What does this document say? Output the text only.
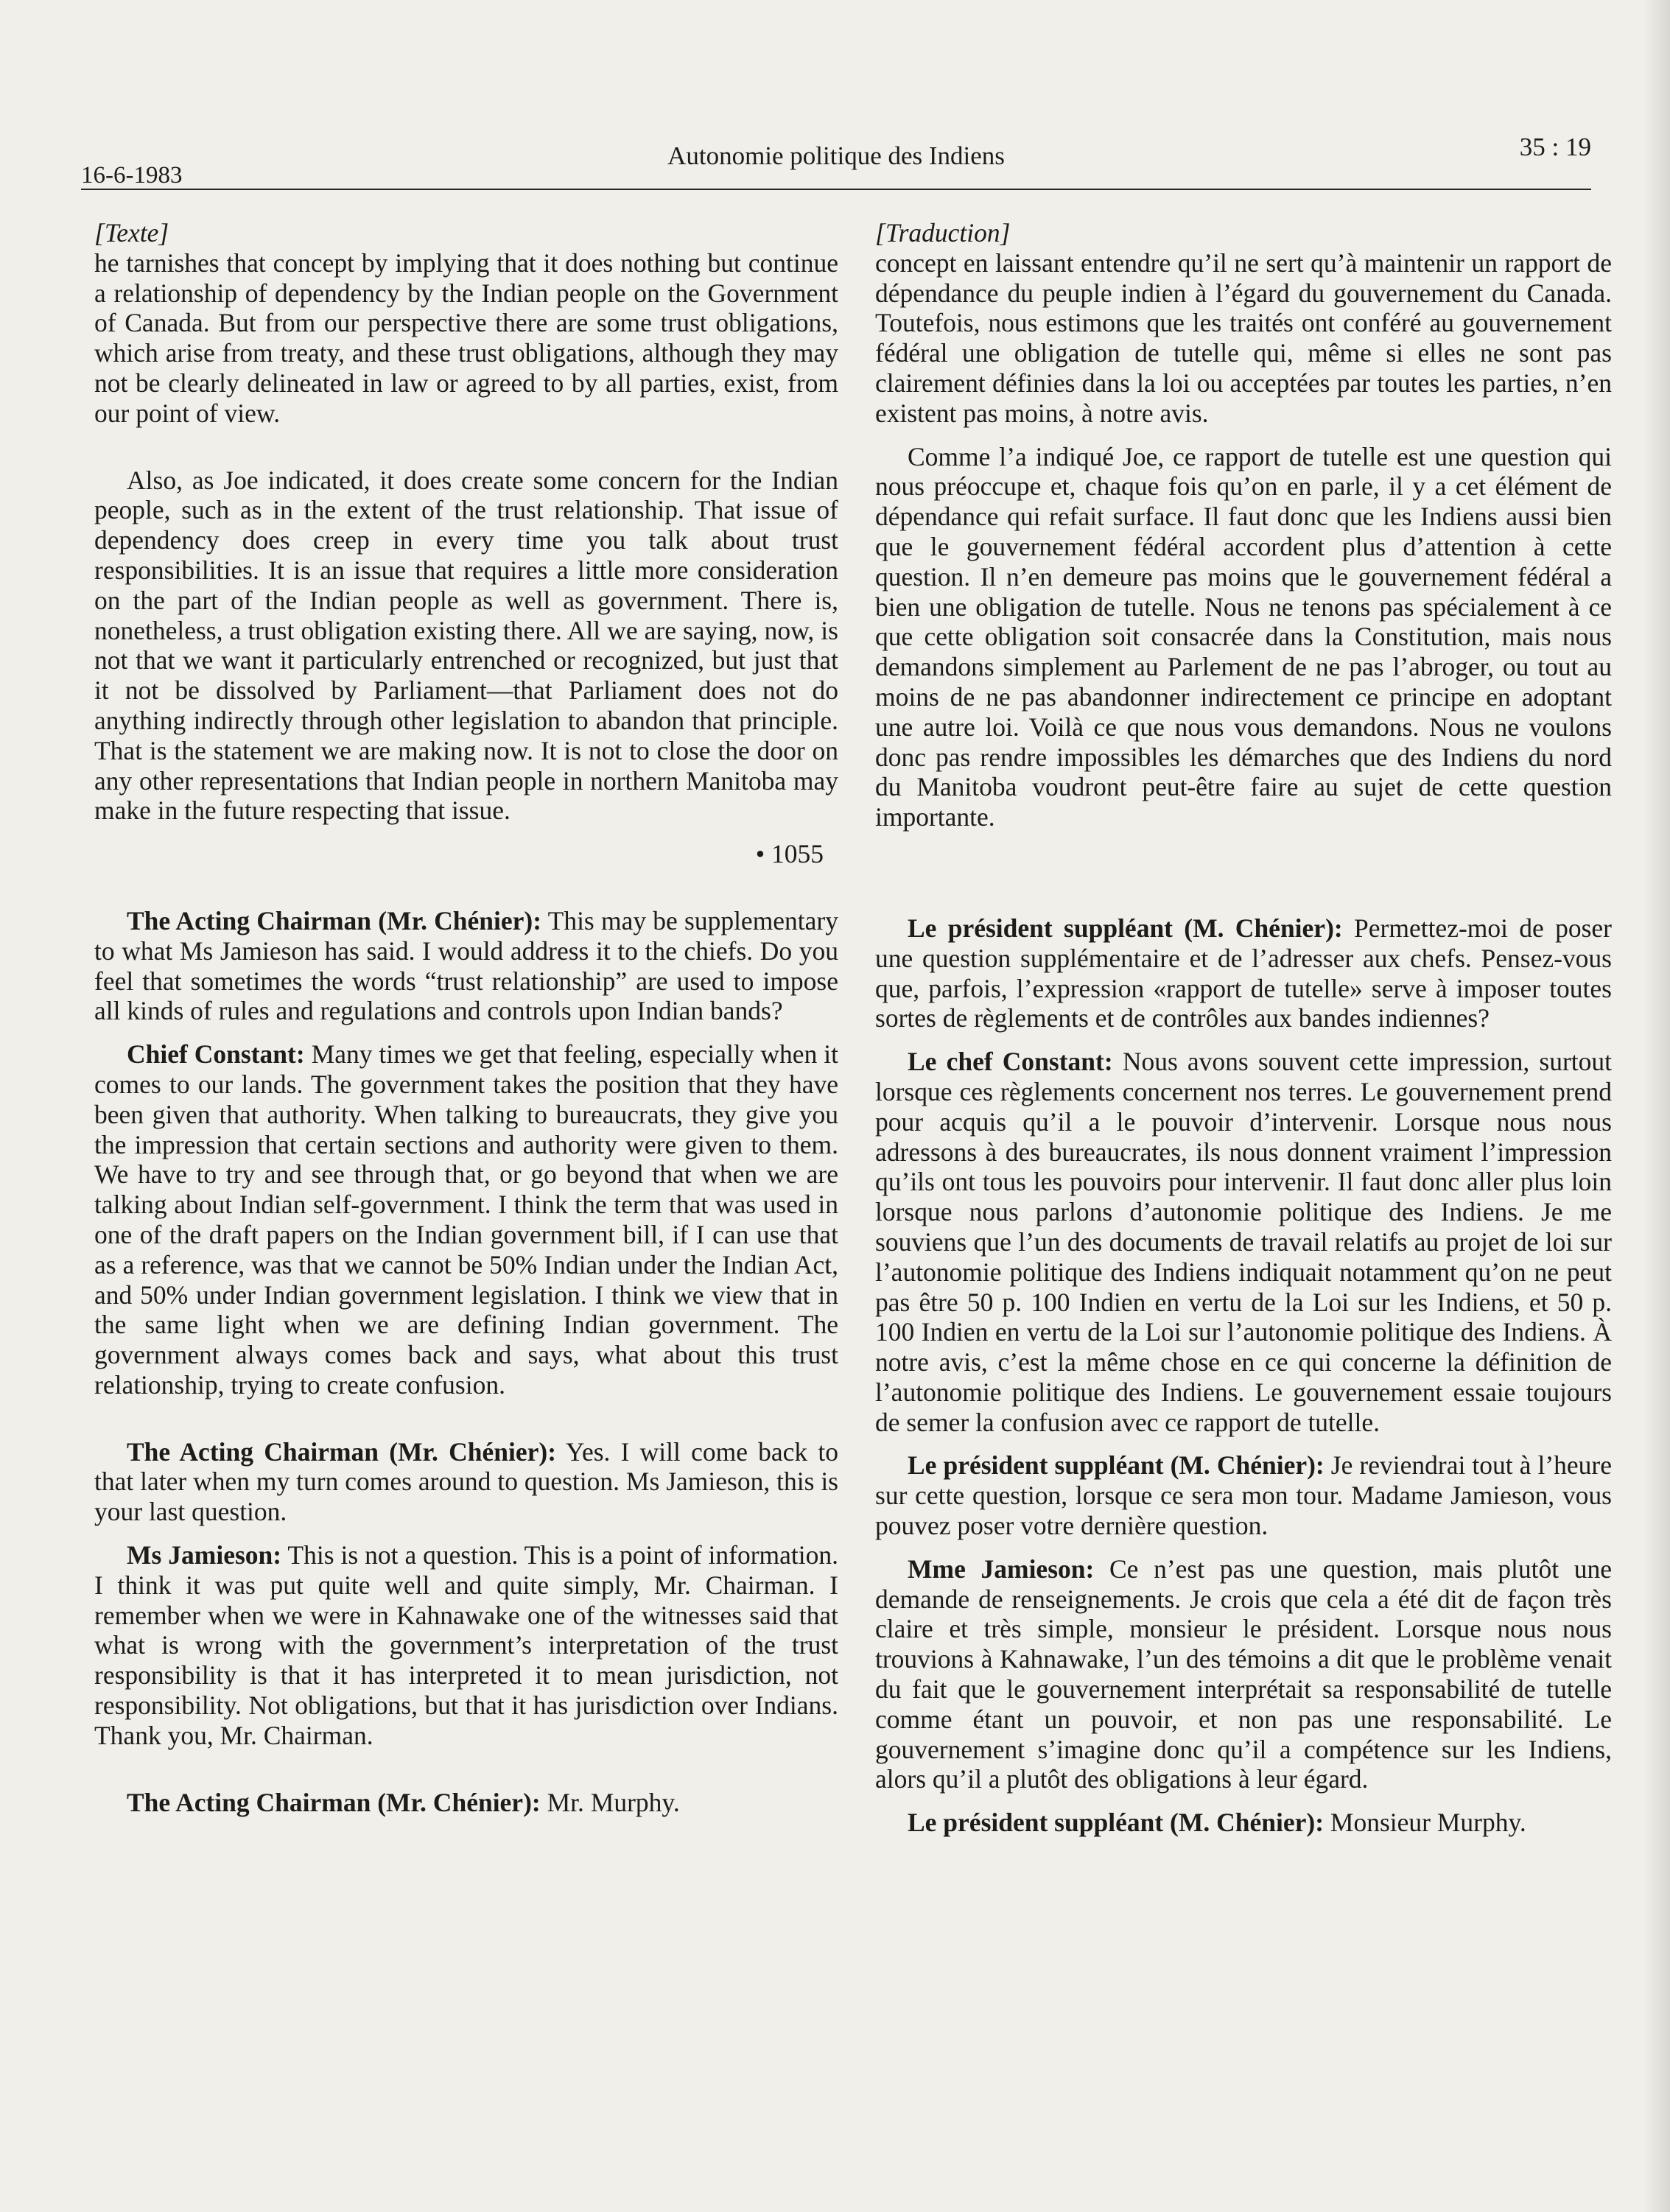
16-6-1983
Autonomie politique des Indiens	35 : 19

[Texte]

he tarnishes that concept by implying that it does nothing but continue a relationship of dependency by the Indian people on the Government of Canada. But from our perspective there are some trust obligations, which arise from treaty, and these trust obligations, although they may not be clearly delineated in law or agreed to by all parties, exist, from our point of view.

Also, as Joe indicated, it does create some concern for the Indian people, such as in the extent of the trust relationship. That issue of dependency does creep in every time you talk about trust responsibilities. It is an issue that requires a little more consideration on the part of the Indian people as well as government. There is, nonetheless, a trust obligation existing there. All we are saying, now, is not that we want it particularly entrenched or recognized, but just that it not be dissolved by Parliament—that Parliament does not do anything indirectly through other legislation to abandon that principle. That is the statement we are making now. It is not to close the door on any other representations that Indian people in northern Manitoba may make in the future respecting that issue.

• 1055

The Acting Chairman (Mr. Chénier): This may be supplementary to what Ms Jamieson has said. I would address it to the chiefs. Do you feel that sometimes the words “trust relationship” are used to impose all kinds of rules and regulations and controls upon Indian bands?

Chief Constant: Many times we get that feeling, especially when it comes to our lands. The government takes the position that they have been given that authority. When talking to bureaucrats, they give you the impression that certain sections and authority were given to them. We have to try and see through that, or go beyond that when we are talking about Indian self-government. I think the term that was used in one of the draft papers on the Indian government bill, if I can use that as a reference, was that we cannot be 50% Indian under the Indian Act, and 50% under Indian government legislation. I think we view that in the same light when we are defining Indian government. The government always comes back and says, what about this trust relationship, trying to create confusion.

The Acting Chairman (Mr. Chénier): Yes. I will come back to that later when my turn comes around to question. Ms Jamieson, this is your last question.

Ms Jamieson: This is not a question. This is a point of information. I think it was put quite well and quite simply, Mr. Chairman. I remember when we were in Kahnawake one of the witnesses said that what is wrong with the government’s interpretation of the trust responsibility is that it has interpreted it to mean jurisdiction, not responsibility. Not obligations, but that it has jurisdiction over Indians. Thank you, Mr. Chairman.

The Acting Chairman (Mr. Chénier): Mr. Murphy.

[Traduction]

concept en laissant entendre qu’il ne sert qu’à maintenir un rapport de dépendance du peuple indien à l’égard du gouvernement du Canada. Toutefois, nous estimons que les traités ont conféré au gouvernement fédéral une obligation de tutelle qui, même si elles ne sont pas clairement définies dans la loi ou acceptées par toutes les parties, n’en existent pas moins, à notre avis.

Comme l’a indiqué Joe, ce rapport de tutelle est une question qui nous préoccupe et, chaque fois qu’on en parle, il y a cet élément de dépendance qui refait surface. Il faut donc que les Indiens aussi bien que le gouvernement fédéral accordent plus d’attention à cette question. Il n’en demeure pas moins que le gouvernement fédéral a bien une obligation de tutelle. Nous ne tenons pas spécialement à ce que cette obligation soit consacrée dans la Constitution, mais nous demandons simplement au Parlement de ne pas l’abroger, ou tout au moins de ne pas abandonner indirectement ce principe en adoptant une autre loi. Voilà ce que nous vous demandons. Nous ne voulons donc pas rendre impossibles les démarches que des Indiens du nord du Manitoba voudront peut-être faire au sujet de cette question importante.

Le président suppléant (M. Chénier): Permettez-moi de poser une question supplémentaire et de l’adresser aux chefs. Pensez-vous que, parfois, l’expression «rapport de tutelle» serve à imposer toutes sortes de règlements et de contrôles aux bandes indiennes?

Le chef Constant: Nous avons souvent cette impression, surtout lorsque ces règlements concernent nos terres. Le gouvernement prend pour acquis qu’il a le pouvoir d’intervenir. Lorsque nous nous adressons à des bureaucrates, ils nous donnent vraiment l’impression qu’ils ont tous les pouvoirs pour intervenir. Il faut donc aller plus loin lorsque nous parlons d’autonomie politique des Indiens. Je me souviens que l’un des documents de travail relatifs au projet de loi sur l’autonomie politique des Indiens indiquait notamment qu’on ne peut pas être 50 p. 100 Indien en vertu de la Loi sur les Indiens, et 50 p. 100 Indien en vertu de la Loi sur l’autonomie politique des Indiens. À notre avis, c’est la même chose en ce qui concerne la définition de l’autonomie politique des Indiens. Le gouvernement essaie toujours de semer la confusion avec ce rapport de tutelle.

Le président suppléant (M. Chénier): Je reviendrai tout à l’heure sur cette question, lorsque ce sera mon tour. Madame Jamieson, vous pouvez poser votre dernière question.

Mme Jamieson: Ce n’est pas une question, mais plutôt une demande de renseignements. Je crois que cela a été dit de façon très claire et très simple, monsieur le président. Lorsque nous nous trouvions à Kahnawake, l’un des témoins a dit que le problème venait du fait que le gouvernement interprétait sa responsabilité de tutelle comme étant un pouvoir, et non pas une responsabilité. Le gouvernement s’imagine donc qu’il a compétence sur les Indiens, alors qu’il a plutôt des obligations à leur égard.

Le président suppléant (M. Chénier): Monsieur Murphy.
